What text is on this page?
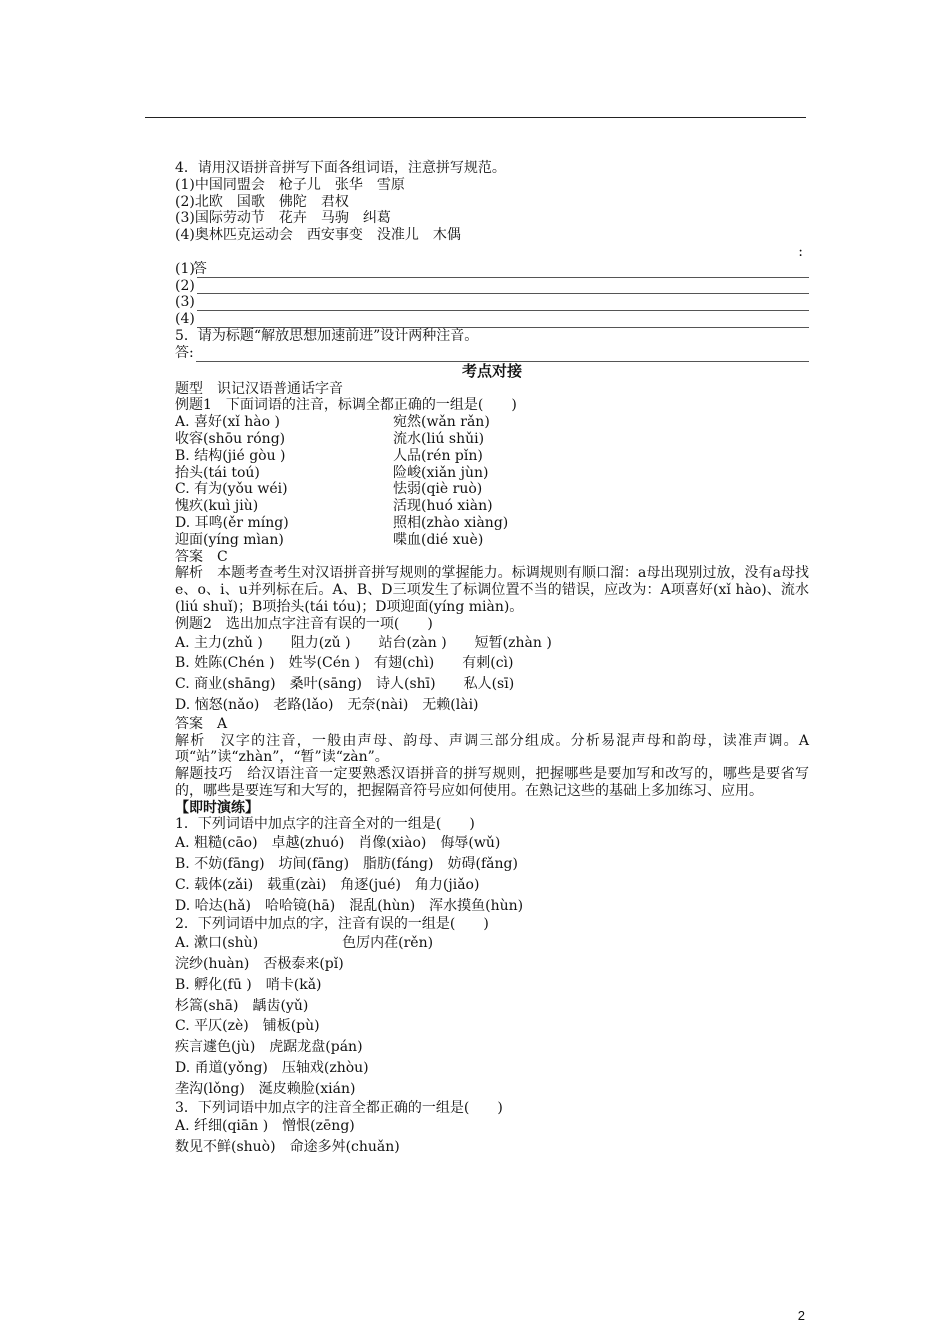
4．请用汉语拼音拼写下面各组词语，注意拼写规范。
(1)中国同盟会　枪子儿　张华　雪原
(2)北欧　国歌　佛陀　君权
(3)国际劳动节　花卉　马驹　纠葛
(4)奥林匹克运动会　西安事变　没准儿　木偶

答

:

(1)
(2)
(3)
(4)
5．请为标题“解放思想加速前进”设计两种注音。
答:
考点对接
题型　识记汉语普通话字音
例题1　下面词语的注音，标调全都正确的一组是(　　)
A. 喜好(xǐ hào )	宛然(wǎn rǎn)
收容(shōu róng)	流水(liú shǔi)
B. 结构(jié gòu )	人品(rén pǐn)
抬头(tái toú)	险峻(xiǎn jùn)
C. 有为(yǒu wéi)	怯弱(qiè ruò)
愧疚(kuì jiù)	活现(huó xiàn)
D. 耳鸣(ěr míng)	照相(zhào xiàng)
迎面(yíng mìan)	喋血(dié xuè)
答案　C
解析　本题考查考生对汉语拼音拼写规则的掌握能力。标调规则有顺口溜：a母出现别过放，没有a母找e、o、i、u并列标在后。A、B、D三项发生了标调位置不当的错误，应改为：A项喜好(xǐ hào)、流水(liú shuǐ)；B项抬头(tái tóu)；D项迎面(yíng miàn)。
例题2　选出加点字注音有误的一项(　　)
A. 主力(zhǔ )　　阻力(zǔ )　　站台(zàn )　　短暂(zhàn )
B. 姓陈(Chén )　姓岑(Cén )　有翅(chì)　　有刺(cì)
C. 商业(shāng)　桑叶(sāng)　诗人(shī)　　私人(sī)
D. 恼怒(nǎo)　老路(lǎo)　无奈(nài)　无赖(lài)
答案　A
解析　汉字的注音，一般由声母、韵母、声调三部分组成。分析易混声母和韵母，读准声调。A项“站”读“zhàn”，“暂”读“zàn”。
解题技巧　给汉语注音一定要熟悉汉语拼音的拼写规则，把握哪些是要加写和改写的，哪些是要省写的，哪些是要连写和大写的，把握隔音符号应如何使用。在熟记这些的基础上多加练习、应用。
【即时演练】
1．下列词语中加点字的注音全对的一组是(　　)
A. 粗糙(cāo)　卓越(zhuó)　肖像(xiào)　侮辱(wǔ)
B. 不妨(fāng)　坊间(fāng)　脂肪(fáng)　妨碍(fǎng)
C. 载体(zǎi)　载重(zài)　角逐(jué)　角力(jiǎo)
D. 哈达(hǎ)　哈哈镜(hā)　混乱(hùn)　浑水摸鱼(hùn)
2．下列词语中加点的字，注音有误的一组是(　　)
A. 漱口(shù)　　　　　　色厉内荏(rěn)
浣纱(huàn)　否极泰来(pǐ)
B. 孵化(fū )　哨卡(kǎ)
杉篙(shā)　龋齿(yǔ)
C. 平仄(zè)　铺板(pù)
疾言遽色(jù)　虎踞龙盘(pán)
D. 甬道(yǒng)　压轴戏(zhòu)
垄沟(lǒng)　涎皮赖脸(xián)
3．下列词语中加点字的注音全都正确的一组是(　　)
A. 纤细(qiān )　憎恨(zēng)
数见不鲜(shuò)　命途多舛(chuǎn)
2
